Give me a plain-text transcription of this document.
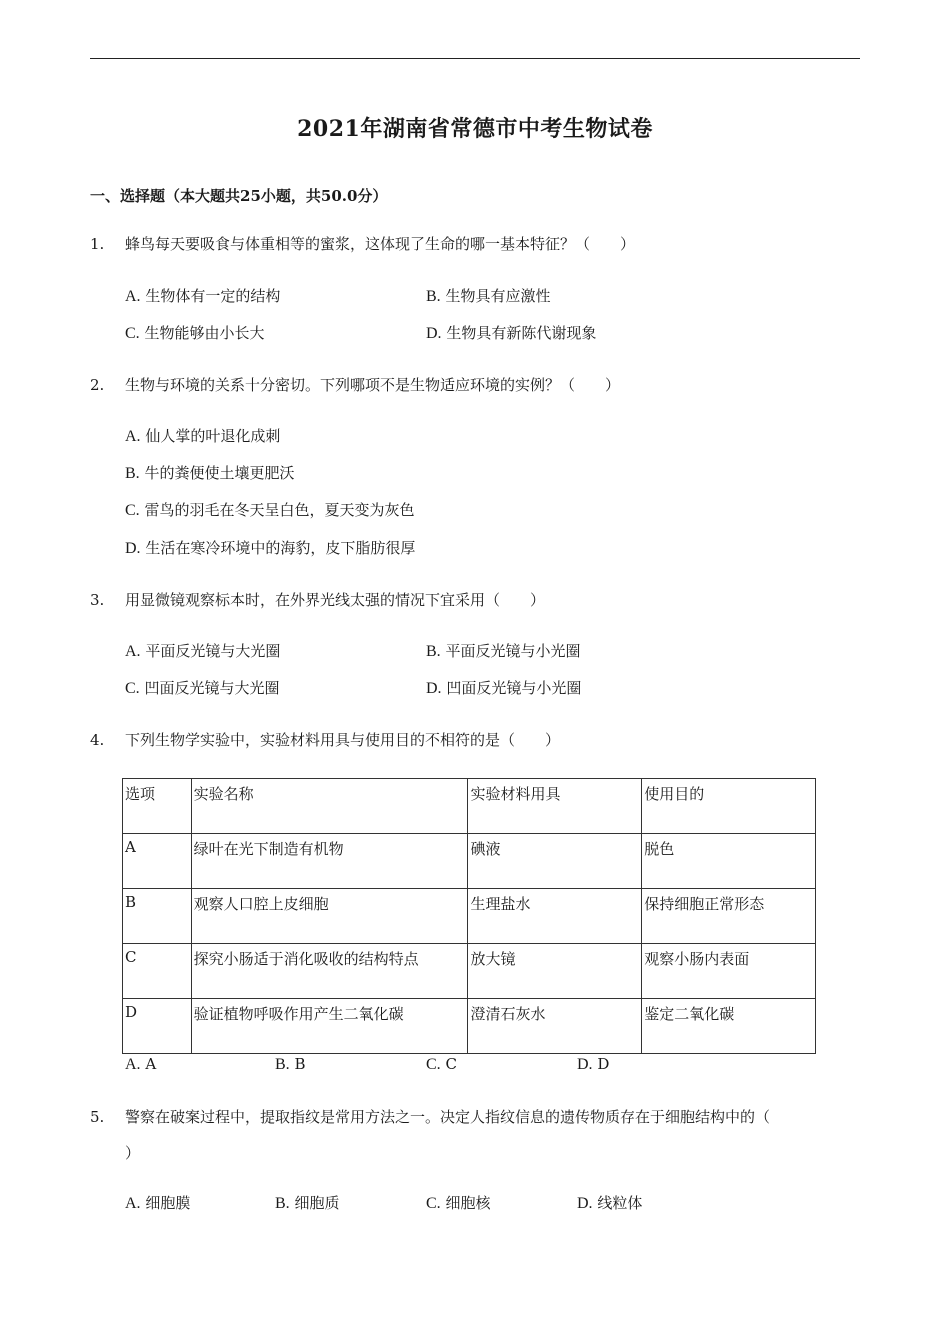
2021年湖南省常德市中考生物试卷
一、选择题（本大题共25小题，共50.0分）
1. 蜂鸟每天要吸食与体重相等的蜜浆，这体现了生命的哪一基本特征？（　　）
A. 生物体有一定的结构	B. 生物具有应激性
C. 生物能够由小长大	D. 生物具有新陈代谢现象
2. 生物与环境的关系十分密切。下列哪项不是生物适应环境的实例？（　　）
A. 仙人掌的叶退化成刺
B. 牛的粪便使土壤更肥沃
C. 雷鸟的羽毛在冬天呈白色，夏天变为灰色
D. 生活在寒冷环境中的海豹，皮下脂肪很厚
3. 用显微镜观察标本时，在外界光线太强的情况下宜采用（　　）
A. 平面反光镜与大光圈	B. 平面反光镜与小光圈
C. 凹面反光镜与大光圈	D. 凹面反光镜与小光圈
4. 下列生物学实验中，实验材料用具与使用目的不相符的是（　　）
选项	实验名称	实验材料用具	使用目的
A	绿叶在光下制造有机物	碘液	脱色
B	观察人口腔上皮细胞	生理盐水	保持细胞正常形态
C	探究小肠适于消化吸收的结构特点	放大镜	观察小肠内表面
D	验证植物呼吸作用产生二氧化碳	澄清石灰水	鉴定二氧化碳
A. A	B. B	C. C	D. D
5. 警察在破案过程中，提取指纹是常用方法之一。决定人指纹信息的遗传物质存在于细胞结构中的（
）
A. 细胞膜	B. 细胞质	C. 细胞核	D. 线粒体
